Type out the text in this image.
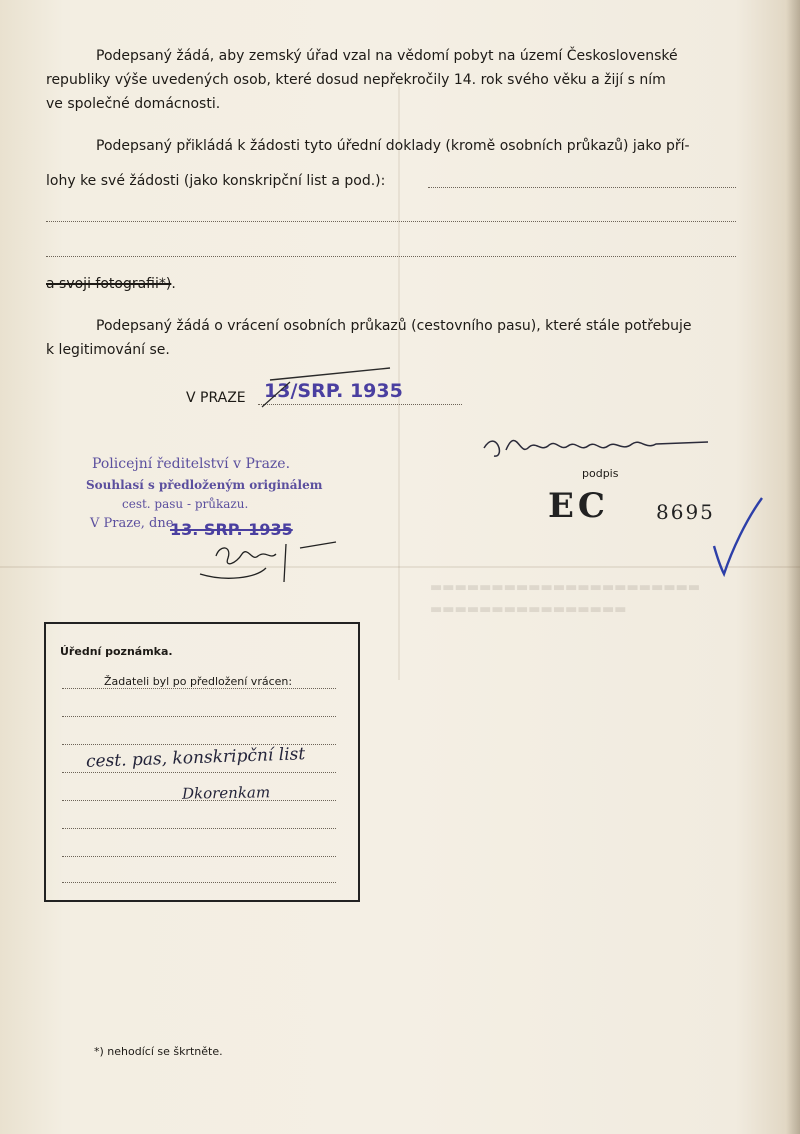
▬▬▬▬▬▬▬▬▬▬▬▬▬▬▬▬▬▬▬▬▬▬
▬▬▬▬▬▬▬▬▬▬▬▬▬▬▬▬
Podepsaný žádá, aby zemský úřad vzal na vědomí pobyt na území Československé
republiky výše uvedených osob, které dosud nepřekročily 14. rok svého věku a žijí s ním
ve společné domácnosti.
Podepsaný přikládá k žádosti tyto úřední doklady (kromě osobních průkazů) jako pří-
lohy ke své žádosti (jako konskripční list a pod.):
a svoji fotografii*).
Podepsaný žádá o vrácení osobních průkazů (cestovního pasu), které stále potřebuje
k legitimování se.
V PRAZE 13/SRP. 1935
podpis
EC 8695
Policejní ředitelství v Praze.
Souhlasí s předloženým originálem
cest. pasu - průkazu.
V Praze, dne
13. SRP. 1935
Úřední poznámka.
Žadateli byl po předložení vrácen:
cest. pas, konskripční list
Dkorenkam
*) nehodící se škrtněte.
